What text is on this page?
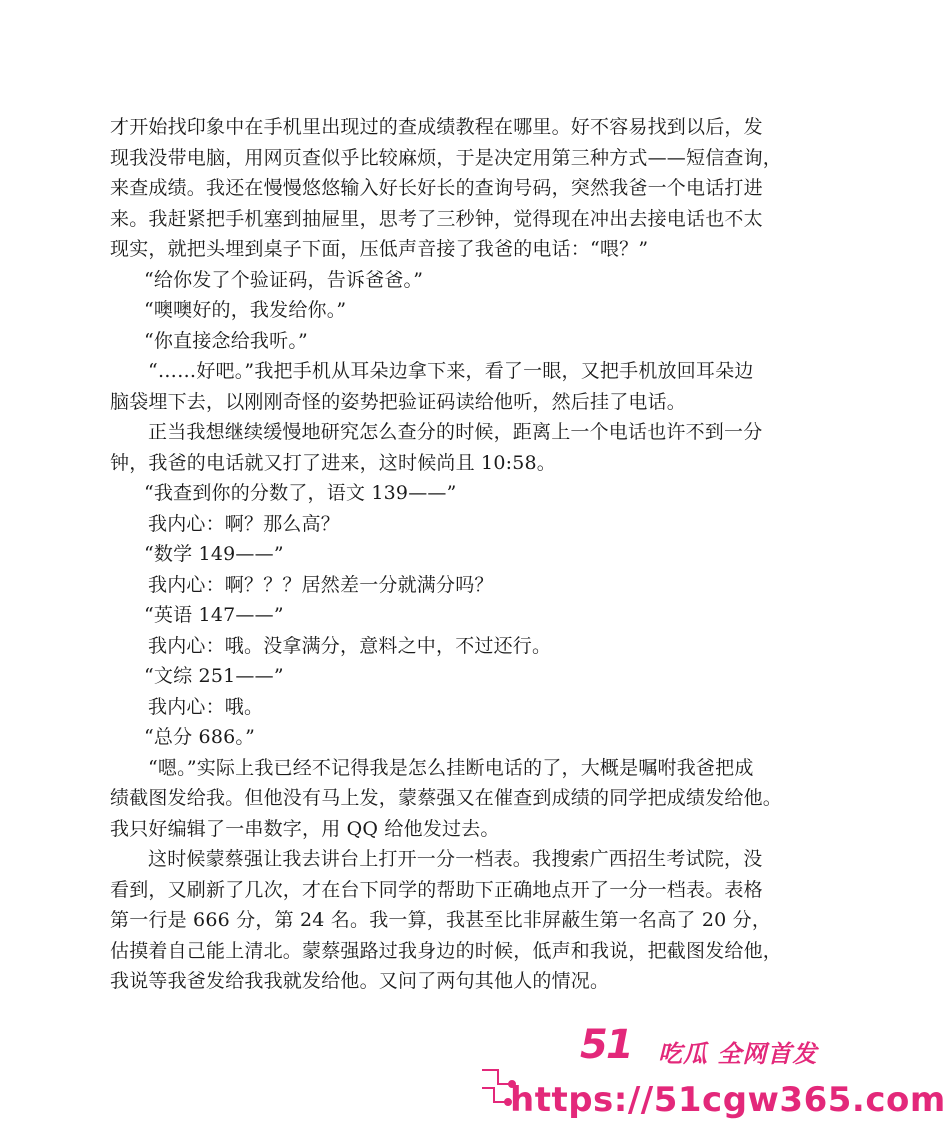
才开始找印象中在手机里出现过的查成绩教程在哪里。好不容易找到以后，发
现我没带电脑，用网页查似乎比较麻烦，于是决定用第三种方式——短信查询，
来查成绩。我还在慢慢悠悠输入好长好长的查询号码，突然我爸一个电话打进
来。我赶紧把手机塞到抽屉里，思考了三秒钟，觉得现在冲出去接电话也不太
现实，就把头埋到桌子下面，压低声音接了我爸的电话：“喂？”
“给你发了个验证码，告诉爸爸。”
“噢噢好的，我发给你。”
“你直接念给我听。”
“……好吧。”我把手机从耳朵边拿下来，看了一眼，又把手机放回耳朵边
脑袋埋下去，以刚刚奇怪的姿势把验证码读给他听，然后挂了电话。
正当我想继续缓慢地研究怎么查分的时候，距离上一个电话也许不到一分
钟，我爸的电话就又打了进来，这时候尚且 10:58。
“我查到你的分数了，语文 139——”
我内心：啊？那么高？
“数学 149——”
我内心：啊？？？居然差一分就满分吗？
“英语 147——”
我内心：哦。没拿满分，意料之中，不过还行。
“文综 251——”
我内心：哦。
“总分 686。”
“嗯。”实际上我已经不记得我是怎么挂断电话的了，大概是嘱咐我爸把成
绩截图发给我。但他没有马上发，蒙蔡强又在催查到成绩的同学把成绩发给他。
我只好编辑了一串数字，用 QQ 给他发过去。
这时候蒙蔡强让我去讲台上打开一分一档表。我搜索广西招生考试院，没
看到，又刷新了几次，才在台下同学的帮助下正确地点开了一分一档表。表格
第一行是 666 分，第 24 名。我一算，我甚至比非屏蔽生第一名高了 20 分，
估摸着自己能上清北。蒙蔡强路过我身边的时候，低声和我说，把截图发给他，
我说等我爸发给我我就发给他。又问了两句其他人的情况。
51 吃瓜 全网首发
https://51cgw365.com
